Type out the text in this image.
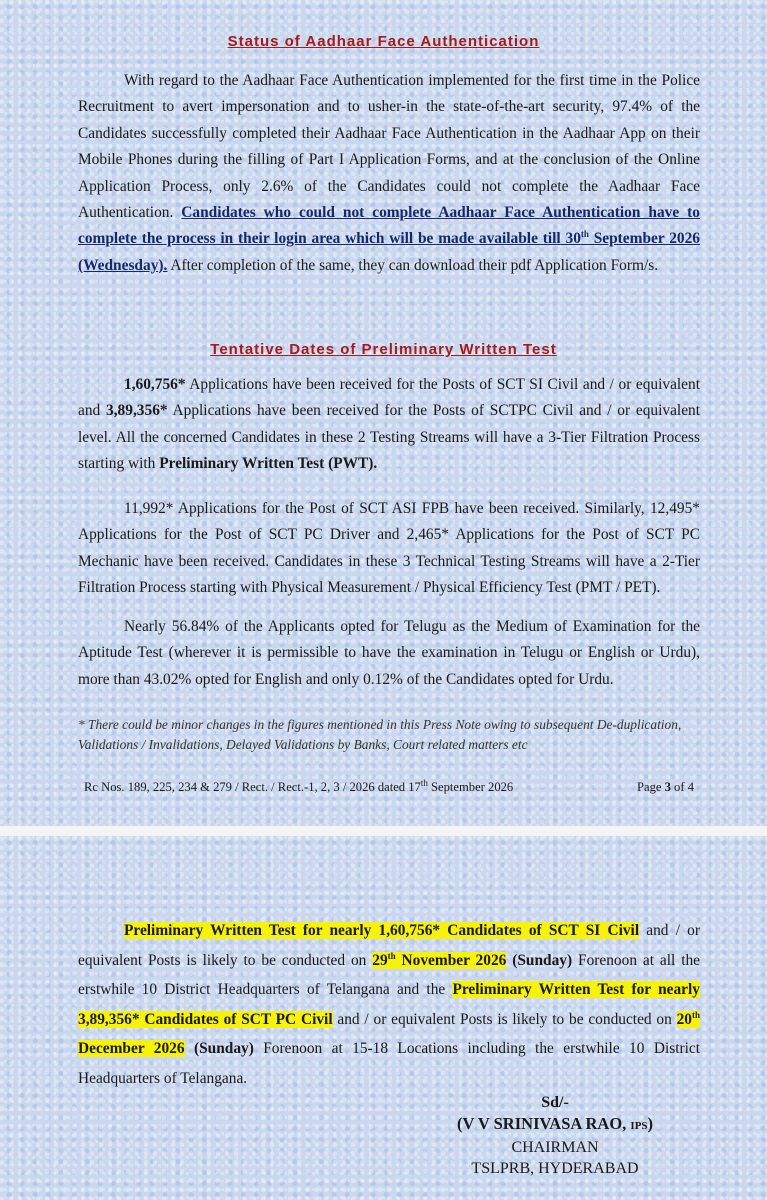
Status of Aadhaar Face Authentication

With regard to the Aadhaar Face Authentication implemented for the first time in the Police Recruitment to avert impersonation and to usher-in the state-of-the-art security, 97.4% of the Candidates successfully completed their Aadhaar Face Authentication in the Aadhaar App on their Mobile Phones during the filling of Part I Application Forms, and at the conclusion of the Online Application Process, only 2.6% of the Candidates could not complete the Aadhaar Face Authentication. Candidates who could not complete Aadhaar Face Authentication have to complete the process in their login area which will be made available till 30th September 2026 (Wednesday). After completion of the same, they can download their pdf Application Form/s.

Tentative Dates of Preliminary Written Test

1,60,756* Applications have been received for the Posts of SCT SI Civil and / or equivalent and 3,89,356* Applications have been received for the Posts of SCTPC Civil and / or equivalent level. All the concerned Candidates in these 2 Testing Streams will have a 3-Tier Filtration Process starting with Preliminary Written Test (PWT).

11,992* Applications for the Post of SCT ASI FPB have been received. Similarly, 12,495* Applications for the Post of SCT PC Driver and 2,465* Applications for the Post of SCT PC Mechanic have been received. Candidates in these 3 Technical Testing Streams will have a 2-Tier Filtration Process starting with Physical Measurement / Physical Efficiency Test (PMT / PET).

Nearly 56.84% of the Applicants opted for Telugu as the Medium of Examination for the Aptitude Test (wherever it is permissible to have the examination in Telugu or English or Urdu), more than 43.02% opted for English and only 0.12% of the Candidates opted for Urdu.

* There could be minor changes in the figures mentioned in this Press Note owing to subsequent De-duplication, Validations / Invalidations, Delayed Validations by Banks, Court related matters etc
Rc Nos. 189, 225, 234 & 279 / Rect. / Rect.-1, 2, 3 / 2026 dated 17th September 2026	Page 3 of 4

Preliminary Written Test for nearly 1,60,756* Candidates of SCT SI Civil and / or equivalent Posts is likely to be conducted on 29th November 2026 (Sunday) Forenoon at all the erstwhile 10 District Headquarters of Telangana and the Preliminary Written Test for nearly 3,89,356* Candidates of SCT PC Civil and / or equivalent Posts is likely to be conducted on 20th December 2026 (Sunday) Forenoon at 15-18 Locations including the erstwhile 10 District Headquarters of Telangana.

Sd/-
(V V SRINIVASA RAO, IPS)
CHAIRMAN
TSLPRB, HYDERABAD
